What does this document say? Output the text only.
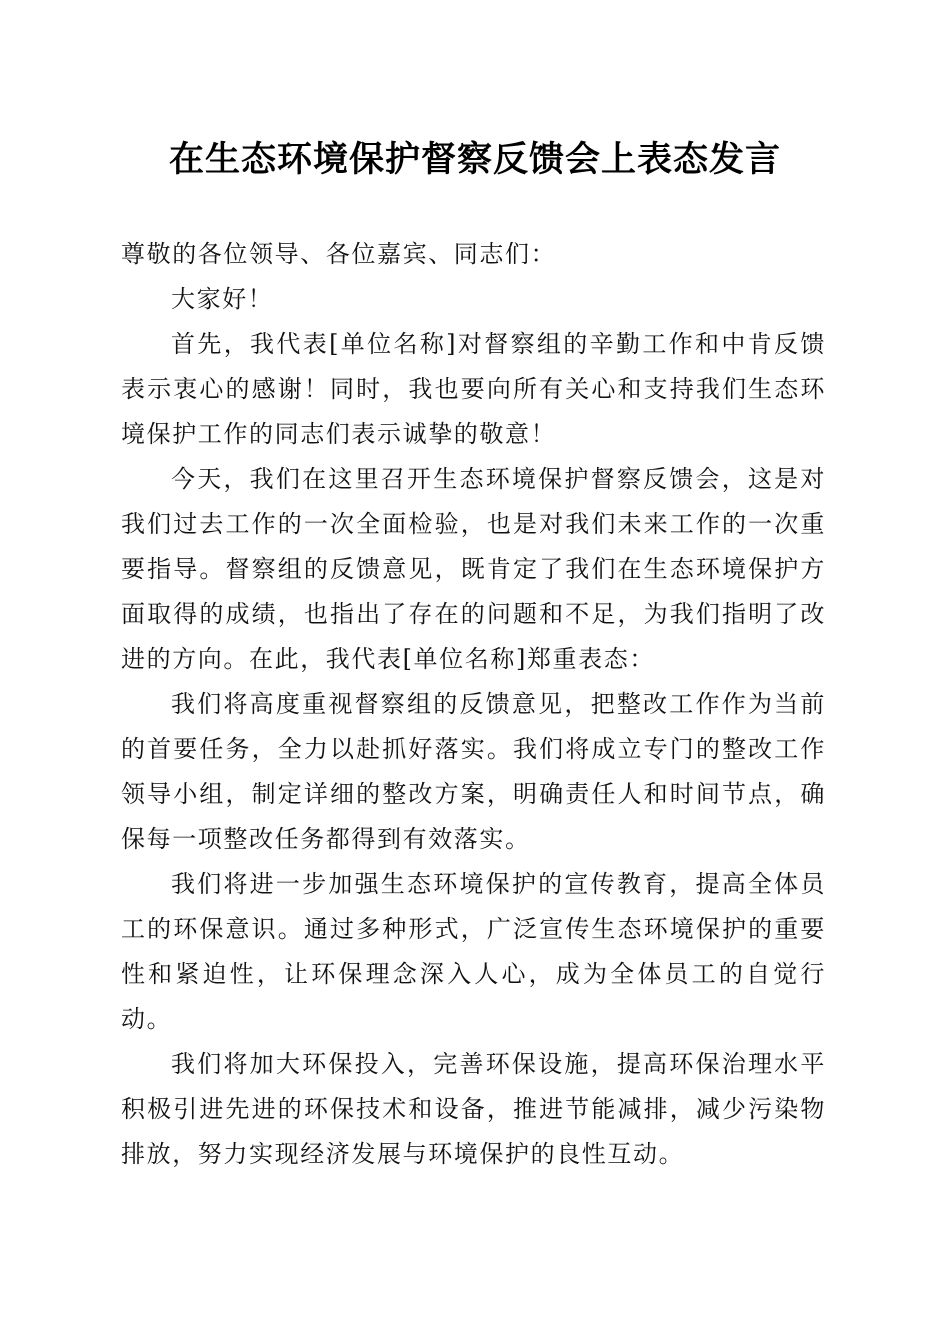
在生态环境保护督察反馈会上表态发言

尊敬的各位领导、各位嘉宾、同志们：

大家好！

首先，我代表[单位名称]对督察组的辛勤工作和中肯反馈表示衷心的感谢！同时，我也要向所有关心和支持我们生态环境保护工作的同志们表示诚挚的敬意！

今天，我们在这里召开生态环境保护督察反馈会，这是对我们过去工作的一次全面检验，也是对我们未来工作的一次重要指导。督察组的反馈意见，既肯定了我们在生态环境保护方面取得的成绩，也指出了存在的问题和不足，为我们指明了改进的方向。在此，我代表[单位名称]郑重表态：

我们将高度重视督察组的反馈意见，把整改工作作为当前的首要任务，全力以赴抓好落实。我们将成立专门的整改工作领导小组，制定详细的整改方案，明确责任人和时间节点，确保每一项整改任务都得到有效落实。

我们将进一步加强生态环境保护的宣传教育，提高全体员工的环保意识。通过多种形式，广泛宣传生态环境保护的重要性和紧迫性，让环保理念深入人心，成为全体员工的自觉行动。

我们将加大环保投入，完善环保设施，提高环保治理水平积极引进先进的环保技术和设备，推进节能减排，减少污染物排放，努力实现经济发展与环境保护的良性互动。
